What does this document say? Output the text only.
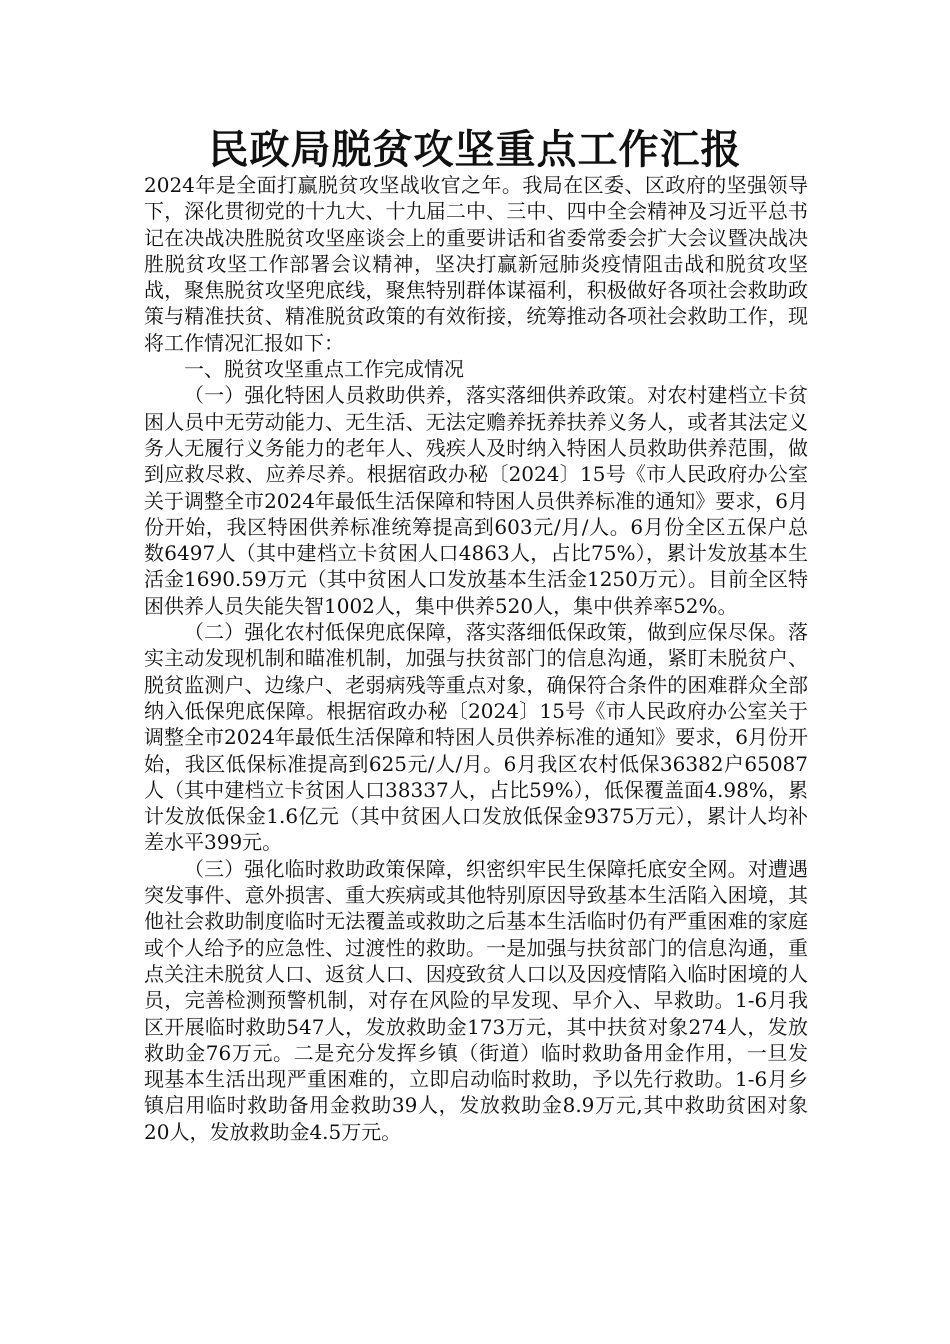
民政局脱贫攻坚重点工作汇报

2024年是全面打赢脱贫攻坚战收官之年。我局在区委、区政府的坚强领导下，深化贯彻党的十九大、十九届二中、三中、四中全会精神及习近平总书记在决战决胜脱贫攻坚座谈会上的重要讲话和省委常委会扩大会议暨决战决胜脱贫攻坚工作部署会议精神，坚决打赢新冠肺炎疫情阻击战和脱贫攻坚战，聚焦脱贫攻坚兜底线，聚焦特别群体谋福利，积极做好各项社会救助政策与精准扶贫、精准脱贫政策的有效衔接，统筹推动各项社会救助工作，现将工作情况汇报如下：

一、脱贫攻坚重点工作完成情况

（一）强化特困人员救助供养，落实落细供养政策。对农村建档立卡贫困人员中无劳动能力、无生活、无法定赡养抚养扶养义务人，或者其法定义务人无履行义务能力的老年人、残疾人及时纳入特困人员救助供养范围，做到应救尽救、应养尽养。根据宿政办秘〔2024〕15号《市人民政府办公室关于调整全市2024年最低生活保障和特困人员供养标准的通知》要求，6月份开始，我区特困供养标准统筹提高到603元/月/人。6月份全区五保户总数6497人（其中建档立卡贫困人口4863人，占比75%），累计发放基本生活金1690.59万元（其中贫困人口发放基本生活金1250万元）。目前全区特困供养人员失能失智1002人，集中供养520人，集中供养率52%。

（二）强化农村低保兜底保障，落实落细低保政策，做到应保尽保。落实主动发现机制和瞄准机制，加强与扶贫部门的信息沟通，紧盯未脱贫户、脱贫监测户、边缘户、老弱病残等重点对象，确保符合条件的困难群众全部纳入低保兜底保障。根据宿政办秘〔2024〕15号《市人民政府办公室关于调整全市2024年最低生活保障和特困人员供养标准的通知》要求，6月份开始，我区低保标准提高到625元/人/月。6月我区农村低保36382户65087人（其中建档立卡贫困人口38337人，占比59%），低保覆盖面4.98%，累计发放低保金1.6亿元（其中贫困人口发放低保金9375万元），累计人均补差水平399元。

（三）强化临时救助政策保障，织密织牢民生保障托底安全网。对遭遇突发事件、意外损害、重大疾病或其他特别原因导致基本生活陷入困境，其他社会救助制度临时无法覆盖或救助之后基本生活临时仍有严重困难的家庭或个人给予的应急性、过渡性的救助。一是加强与扶贫部门的信息沟通，重点关注未脱贫人口、返贫人口、因疫致贫人口以及因疫情陷入临时困境的人员，完善检测预警机制，对存在风险的早发现、早介入、早救助。1-6月我区开展临时救助547人，发放救助金173万元，其中扶贫对象274人，发放救助金76万元。二是充分发挥乡镇（街道）临时救助备用金作用，一旦发现基本生活出现严重困难的，立即启动临时救助，予以先行救助。1-6月乡镇启用临时救助备用金救助39人，发放救助金8.9万元,其中救助贫困对象20人，发放救助金4.5万元。
